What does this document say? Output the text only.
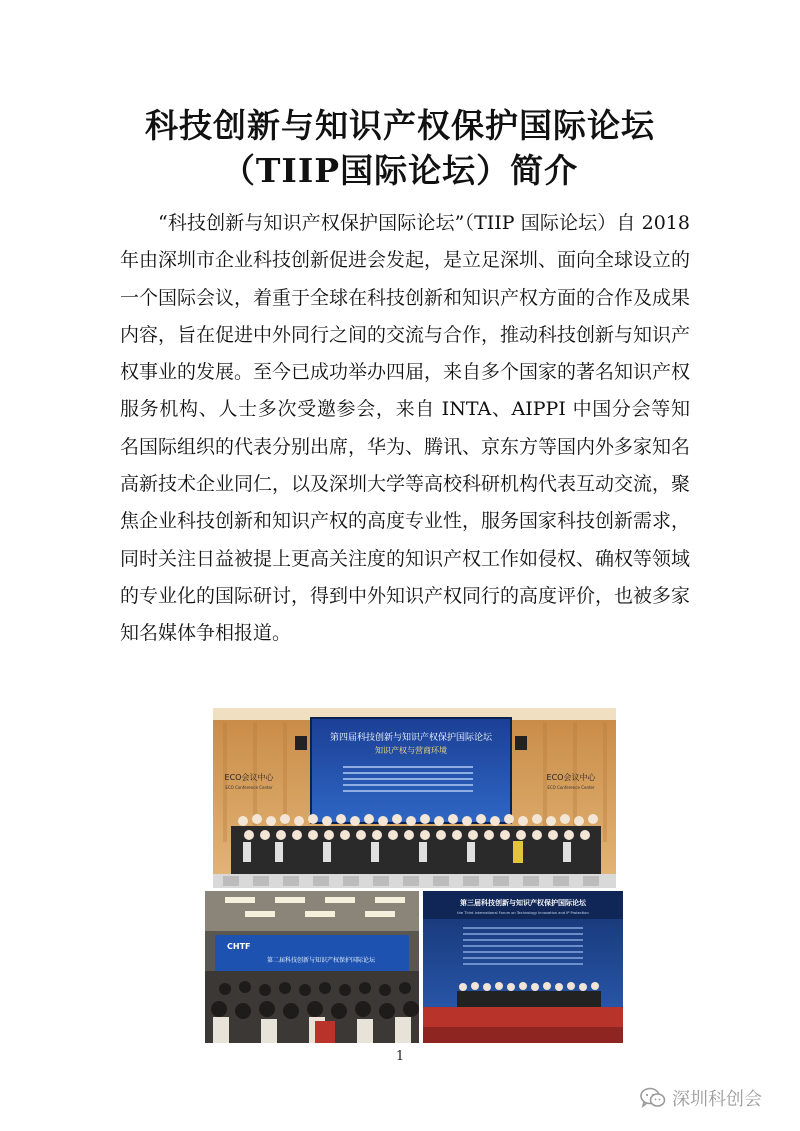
科技创新与知识产权保护国际论坛
（TIIP国际论坛）简介
“科技创新与知识产权保护国际论坛”（TIIP 国际论坛）自 2018 年由深圳市企业科技创新促进会发起，是立足深圳、面向全球设立的一个国际会议，着重于全球在科技创新和知识产权方面的合作及成果内容，旨在促进中外同行之间的交流与合作，推动科技创新与知识产权事业的发展。至今已成功举办四届，来自多个国家的著名知识产权服务机构、人士多次受邀参会，来自 INTA、AIPPI 中国分会等知名国际组织的代表分别出席，华为、腾讯、京东方等国内外多家知名高新技术企业同仁，以及深圳大学等高校科研机构代表互动交流，聚焦企业科技创新和知识产权的高度专业性，服务国家科技创新需求，同时关注日益被提上更高关注度的知识产权工作如侵权、确权等领域的专业化的国际研讨，得到中外知识产权同行的高度评价，也被多家知名媒体争相报道。
第四届科技创新与知识产权保护国际论坛
知识产权与营商环境
ECO会议中心
ECO Conference Center
ECO会议中心
ECO Conference Center
CHTF
第二届科技创新与知识产权保护国际论坛
第三届科技创新与知识产权保护国际论坛
the Third International Forum on Technology Innovation and IP Protection
1
深圳科创会
